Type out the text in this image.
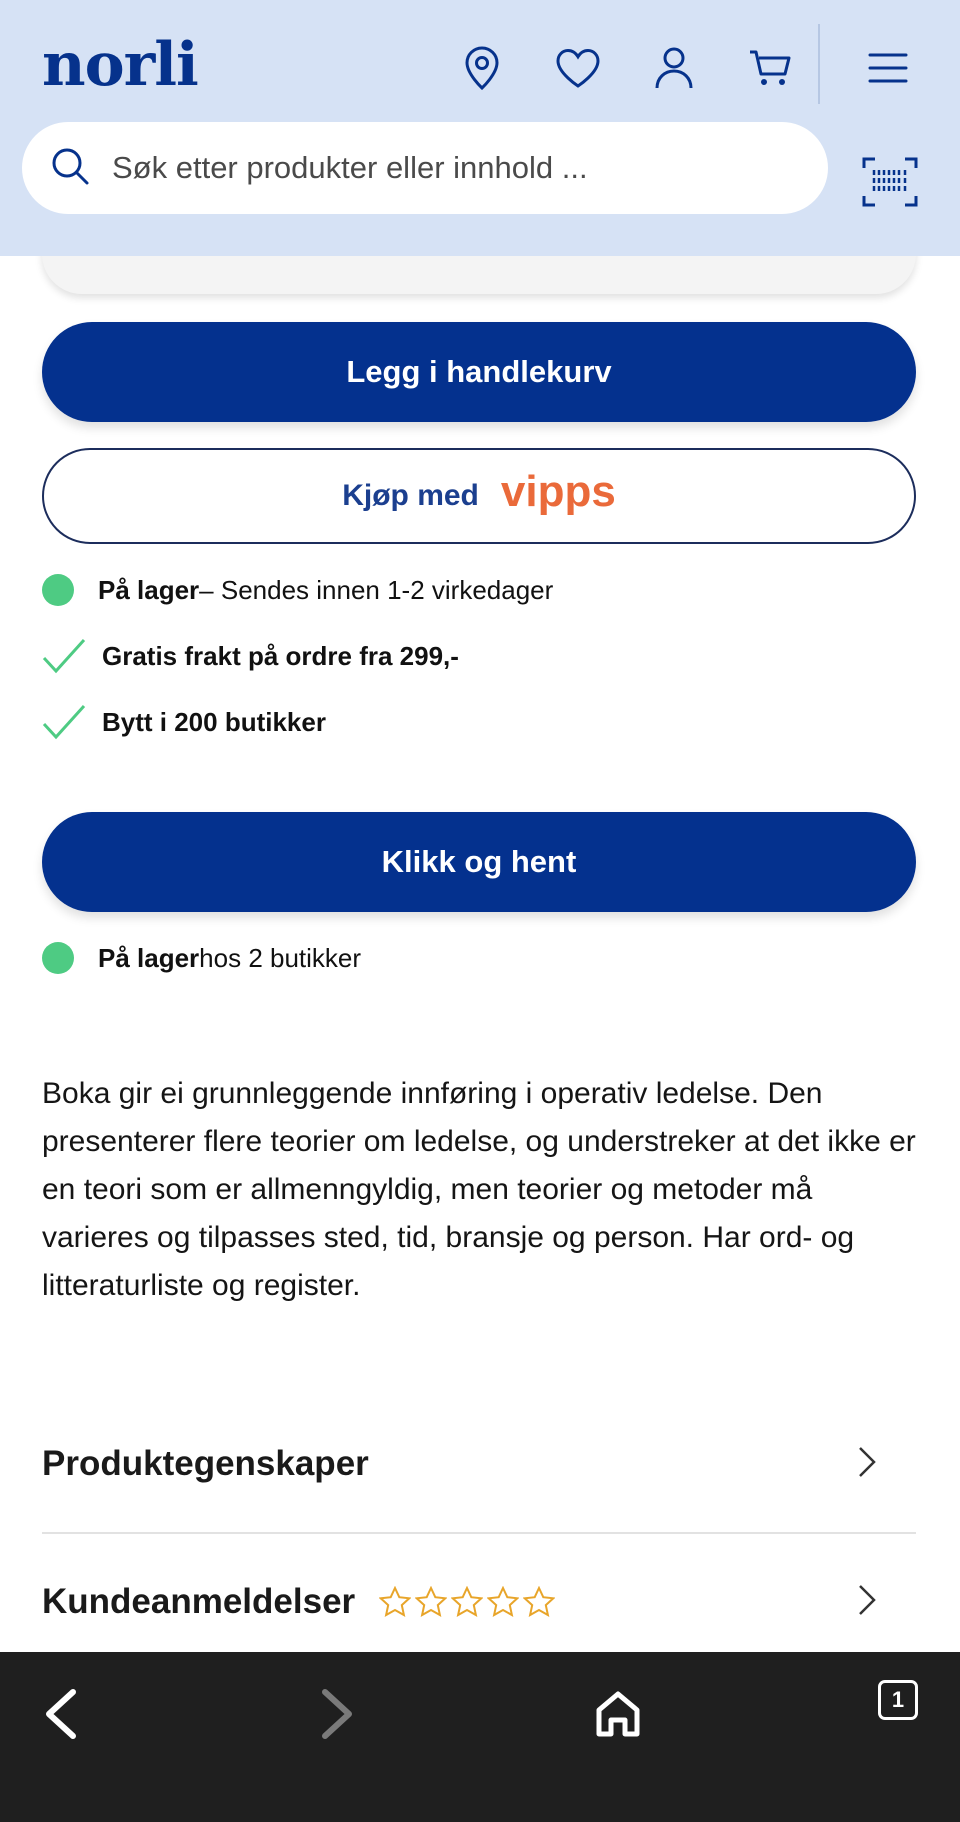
norli
Søk etter produkter eller innhold ...
Legg i handlekurv
Kjøp med vipps
På lager – Sendes innen 1-2 virkedager
Gratis frakt på ordre fra 299,-
Bytt i 200 butikker
Klikk og hent
På lager hos 2 butikker

Boka gir ei grunnleggende innføring i operativ ledelse. Den presenterer flere teorier om ledelse, og understreker at det ikke er en teori som er allmenngyldig, men teorier og metoder må varieres og tilpasses sted, tid, bransje og person. Har ord- og litteraturliste og register.

Produktegenskaper
Kundeanmeldelser
1
